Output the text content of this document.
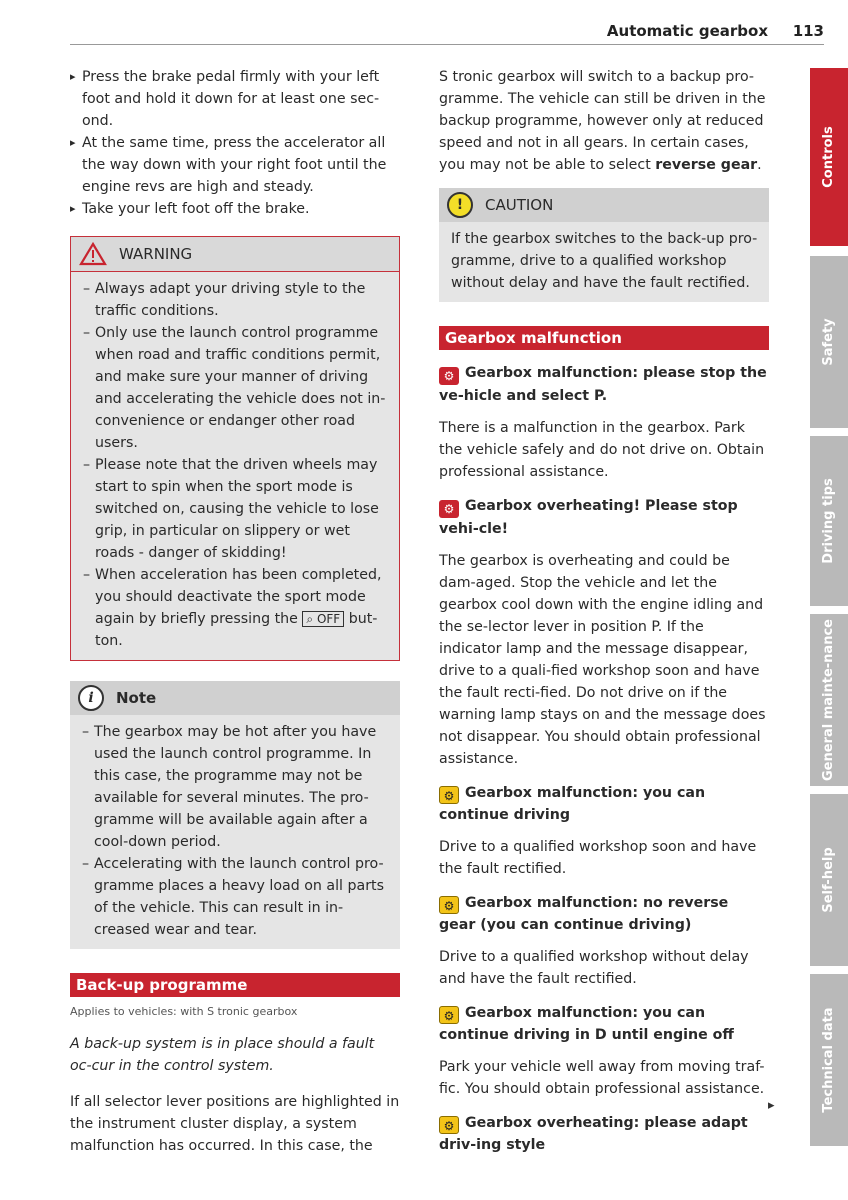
Automatic gearbox 113

▸ Press the brake pedal firmly with your left foot and hold it down for at least one sec-ond.

▸ At the same time, press the accelerator all the way down with your right foot until the engine revs are high and steady.

▸ Take your left foot off the brake.

WARNING

– Always adapt your driving style to the traffic conditions.

– Only use the launch control programme when road and traffic conditions permit, and make sure your manner of driving and accelerating the vehicle does not in-convenience or endanger other road users.

– Please note that the driven wheels may start to spin when the sport mode is switched on, causing the vehicle to lose grip, in particular on slippery or wet roads - danger of skidding!

– When acceleration has been completed, you should deactivate the sport mode again by briefly pressing the ⌕ OFF but-ton.

i	Note

– The gearbox may be hot after you have used the launch control programme. In this case, the programme may not be available for several minutes. The pro-gramme will be available again after a cool-down period.

– Accelerating with the launch control pro-gramme places a heavy load on all parts of the vehicle. This can result in in-creased wear and tear.

Back-up programme
Applies to vehicles: with S tronic gearbox

A back-up system is in place should a fault oc-cur in the control system.

If all selector lever positions are highlighted in the instrument cluster display, a system malfunction has occurred. In this case, the

S tronic gearbox will switch to a backup pro-gramme. The vehicle can still be driven in the backup programme, however only at reduced speed and not in all gears. In certain cases, you may not be able to select reverse gear.

!	CAUTION

If the gearbox switches to the back-up pro-gramme, drive to a qualified workshop without delay and have the fault rectified.

Gearbox malfunction

⚙ Gearbox malfunction: please stop the ve-hicle and select P.

There is a malfunction in the gearbox. Park the vehicle safely and do not drive on. Obtain professional assistance.

⚙ Gearbox overheating! Please stop vehi-cle!

The gearbox is overheating and could be dam-aged. Stop the vehicle and let the gearbox cool down with the engine idling and the se-lector lever in position P. If the indicator lamp and the message disappear, drive to a quali-fied workshop soon and have the fault recti-fied. Do not drive on if the warning lamp stays on and the message does not disappear. You should obtain professional assistance.

⚙ Gearbox malfunction: you can continue driving

Drive to a qualified workshop soon and have the fault rectified.

⚙ Gearbox malfunction: no reverse gear (you can continue driving)

Drive to a qualified workshop without delay and have the fault rectified.

⚙ Gearbox malfunction: you can continue driving in D until engine off

Park your vehicle well away from moving traf-fic. You should obtain professional assistance.

⚙ Gearbox overheating: please adapt driv-ing style

▸
Controls
Safety
Driving tips
General mainte-nance
Self-help
Technical data
